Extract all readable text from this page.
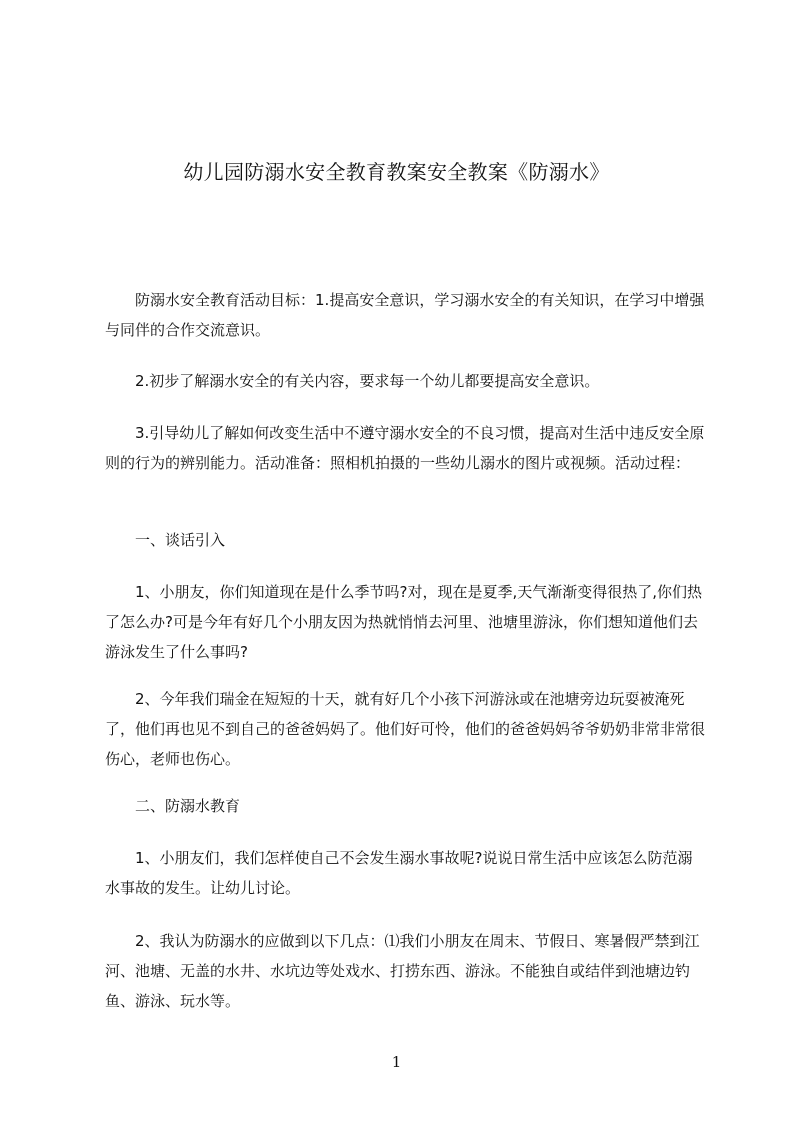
幼儿园防溺水安全教育教案安全教案《防溺水》

防溺水安全教育活动目标：1.提高安全意识，学习溺水安全的有关知识，在学习中增强与同伴的合作交流意识。

2.初步了解溺水安全的有关内容，要求每一个幼儿都要提高安全意识。

3.引导幼儿了解如何改变生活中不遵守溺水安全的不良习惯，提高对生活中违反安全原则的行为的辨别能力。活动准备：照相机拍摄的一些幼儿溺水的图片或视频。活动过程：

一、谈话引入

1、小朋友，你们知道现在是什么季节吗?对，现在是夏季,天气渐渐变得很热了,你们热了怎么办?可是今年有好几个小朋友因为热就悄悄去河里、池塘里游泳，你们想知道他们去游泳发生了什么事吗?

2、今年我们瑞金在短短的十天，就有好几个小孩下河游泳或在池塘旁边玩耍被淹死了，他们再也见不到自己的爸爸妈妈了。他们好可怜，他们的爸爸妈妈爷爷奶奶非常非常很伤心，老师也伤心。

二、防溺水教育

1、小朋友们，我们怎样使自己不会发生溺水事故呢?说说日常生活中应该怎么防范溺水事故的发生。让幼儿讨论。

2、我认为防溺水的应做到以下几点：⑴我们小朋友在周末、节假日、寒暑假严禁到江河、池塘、无盖的水井、水坑边等处戏水、打捞东西、游泳。不能独自或结伴到池塘边钓鱼、游泳、玩水等。

1
